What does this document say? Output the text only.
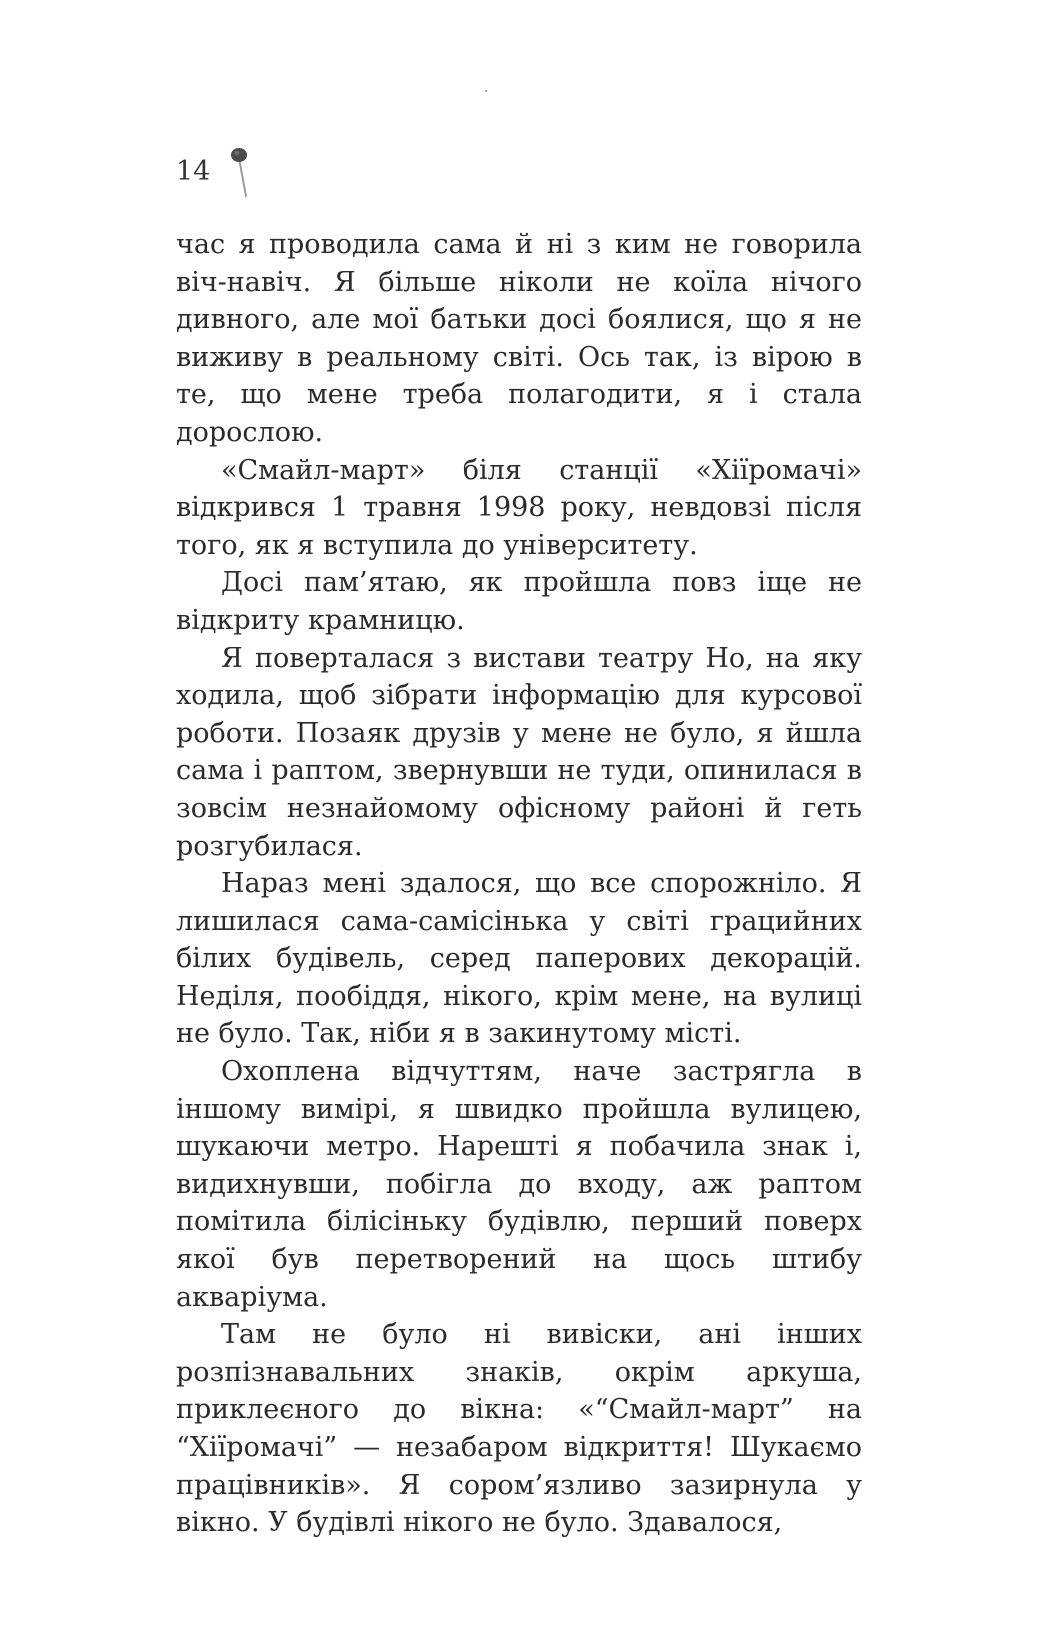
14

час я проводила сама й ні з ким не говорила віч-навіч. Я більше ніколи не коїла нічого дивного, але мої батьки досі боялися, що я не виживу в реальному світі. Ось так, із вірою в те, що мене треба полагодити, я і стала дорослою.

«Смайл-март» біля станції «Хіїромачі» відкрився 1 травня 1998 року, невдовзі після того, як я вступила до університету.

Досі пам’ятаю, як пройшла повз іще не відкриту крамницю.

Я поверталася з вистави театру Но, на яку ходила, щоб зібрати інформацію для курсової роботи. Позаяк друзів у мене не було, я йшла сама і раптом, звернувши не туди, опинилася в зовсім незнайомому офісному районі й геть розгубилася.

Нараз мені здалося, що все спорожніло. Я лишилася сама-самісінька у світі грацийних білих будівель, серед паперових декорацій. Неділя, пообіддя, нікого, крім мене, на вулиці не було. Так, ніби я в закинутому місті.

Охоплена відчуттям, наче застрягла в іншому вимірі, я швидко пройшла вулицею, шукаючи метро. Нарешті я побачила знак і, видихнувши, побігла до входу, аж раптом помітила білісіньку будівлю, перший поверх якої був перетворений на щось штибу акваріума.

Там не було ні вивіски, ані інших розпізнавальних знаків, окрім аркуша, приклеєного до вікна: «“Смайл-март” на “Хіїромачі” — незабаром відкриття! Шукаємо працівників». Я сором’язливо зазирнула у вікно. У будівлі нікого не було. Здавалося,
